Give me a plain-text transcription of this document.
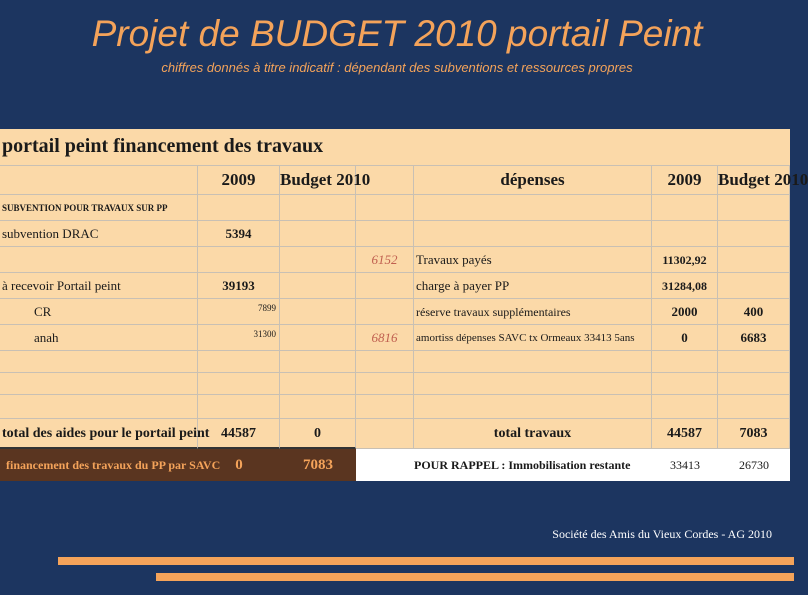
Projet de BUDGET 2010 portail Peint
chiffres donnés à titre indicatif : dépendant des subventions et ressources propres
portail peint financement des travaux
2009	Budget 2010	dépenses	2009 Budget 2010
SUBVENTION POUR TRAVAUX SUR PP
subvention DRAC	5394
6152	Travaux payés	11302,92
à recevoir Portail peint	39193	charge à payer PP	31284,08
CR	7899	réserve travaux supplémentaires	2000	400
anah	31300	6816	amortiss dépenses SAVC tx Ormeaux 33413 5ans	0	6683
total des aides pour le portail peint 44587	0	total travaux	44587	7083
financement des travaux du PP par SAVC	0	7083	POUR RAPPEL : Immobilisation restante	33413	26730
Société des Amis du Vieux Cordes - AG 2010
